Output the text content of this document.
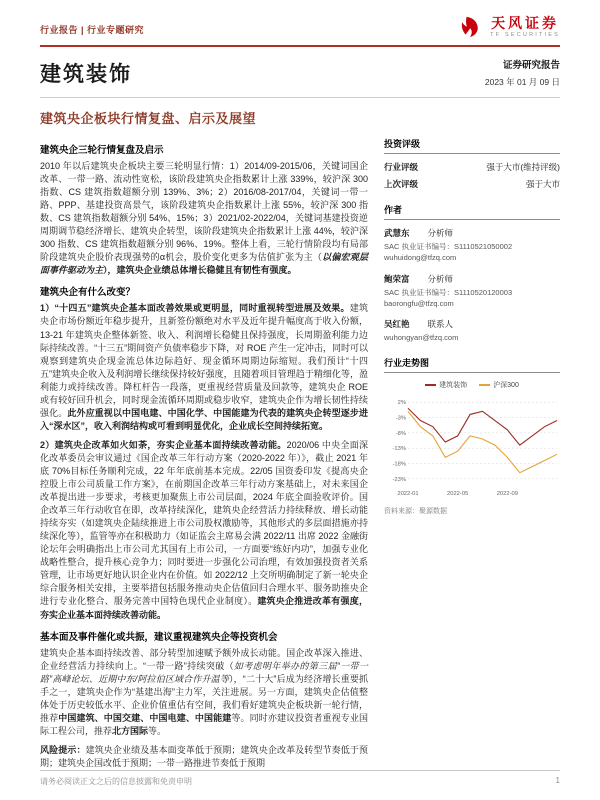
行业报告 | 行业专题研究	天风证券
TF SECURITIES
建筑装饰	证券研究报告
2023 年 01 月 09 日
建筑央企板块行情复盘、启示及展望
建筑央企三轮行情复盘及启示

2010 年以后建筑央企板块主要三轮明显行情：1）2014/09-2015/06，关键词国企改革、一带一路、流动性宽松，该阶段建筑央企指数累计上涨 339%，较沪深 300 指数、CS 建筑指数超额分别 139%、3%；2）2016/08-2017/04，关键词一带一路、PPP、基建投资高景气，该阶段建筑央企指数累计上涨 55%，较沪深 300 指数、CS 建筑指数超额分别 54%、15%；3）2021/02-2022/04，关键词基建投资逆周期调节稳经济增长、建筑央企转型，该阶段建筑央企指数累计上涨 44%，较沪深 300 指数、CS 建筑指数超额分别 96%、19%。整体上看，三轮行情阶段均有局部阶段建筑央企股价表现强势的α机会，股价变化更多为估值扩张为主（以偏宏观层面事件驱动为主），建筑央企业绩总体增长稳健且有韧性有强度。

建筑央企有什么改变？

1）“十四五”建筑央企基本面改善效果或更明显，同时重视转型进展及效果。建筑央企市场份额近年稳步提升，且新签份额绝对水平及近年提升幅度高于收入份额，13-21 年建筑央企整体新签、收入、利润增长稳健且保持强度，长周期盈利能力边际持续改善。“十三五”期间资产负债率稳步下降，对 ROE 产生一定冲击，同时可以观察到建筑央企现金流总体边际趋好、现金循环周期边际缩短。我们预计“十四五”建筑央企收入及利润增长继续保持较好强度，且随着项目管理趋于精细化等，盈利能力或持续改善。降杠杆告一段落，更重视经营质量及回款等，建筑央企 ROE 或有较好回升机会，同时现金流循环周期或稳步收窄，建筑央企作为增长韧性持续强化。此外应重视以中国电建、中国化学、中国能建为代表的建筑央企转型逐步进入“深水区”，收入利润结构或可看到明显优化，企业成长空间持续拓宽。

2）建筑央企改革如火如荼，夯实企业基本面持续改善动能。2020/06 中央全面深化改革委员会审议通过《国企改革三年行动方案（2020-2022 年）》，截止 2021 年底 70%目标任务顺利完成，22 年年底前基本完成。22/05 国资委印发《提高央企控股上市公司质量工作方案》，在前期国企改革三年行动方案基础上，对未来国企改革提出进一步要求，考核更加聚焦上市公司层面，2024 年底全面验收评价。国企改革三年行动收官在即，改革持续深化，建筑央企经营活力持续释放、增长动能持续夯实（如建筑央企陆续推进上市公司股权激励等，其他形式的多层面措施亦持续深化等），监管等亦在积极助力（如证监会主席易会满 2022/11 出席 2022 金融街论坛年会明确指出上市公司尤其国有上市公司，一方面要“练好内功”，加强专业化战略性整合，提升核心竞争力；同时要进一步强化公司治理，有效加强投资者关系管理，让市场更好地认识企业内在价值。如 2022/12 上交所明确制定了新一轮央企综合服务相关安排，主要举措包括服务推动央企估值回归合理水平、服务助推央企进行专业化整合、服务完善中国特色现代企业制度）。建筑央企推进改革有强度，夯实企业基本面持续改善动能。

基本面及事件催化或共振，建议重视建筑央企等投资机会

建筑央企基本面持续改善、部分转型加速赋予额外成长动能。国企改革深入推进、企业经营活力持续向上。“一带一路”持续突破（如考虑明年举办的第三届“一带一路”高峰论坛、近期中东/阿拉伯区域合作升温等），“二十大”后成为经济增长重要抓手之一，建筑央企作为“基建出海”主力军，关注进展。另一方面，建筑央企估值整体处于历史较低水平、企业价值重估有空间，我们看好建筑央企板块新一轮行情，推荐中国建筑、中国交建、中国电建、中国能建等。同时亦建议投资者重视专业国际工程公司，推荐北方国际等。

风险提示：建筑央企业绩及基本面变革低于预期；建筑央企改革及转型节奏低于预期；建筑央企国改低于预期；一带一路推进节奏低于预期

投资评级
行业评级	强于大市(维持评级)
上次评级	强于大市
作者
武慧东 分析师
SAC 执业证书编号：S1110521050002
wuhuidong@tfzq.com
鲍荣富 分析师
SAC 执业证书编号：S1110520120003
baorongfu@tfzq.com
吴红艳 联系人
wuhongyan@tfzq.com
行业走势图
建筑装饰	沪深300
2%
-3%
-8%
-13%
-18%
-23%
2022-01	2022-05	2022-09
资料来源：聚源数据
请务必阅读正文之后的信息披露和免责申明	1
